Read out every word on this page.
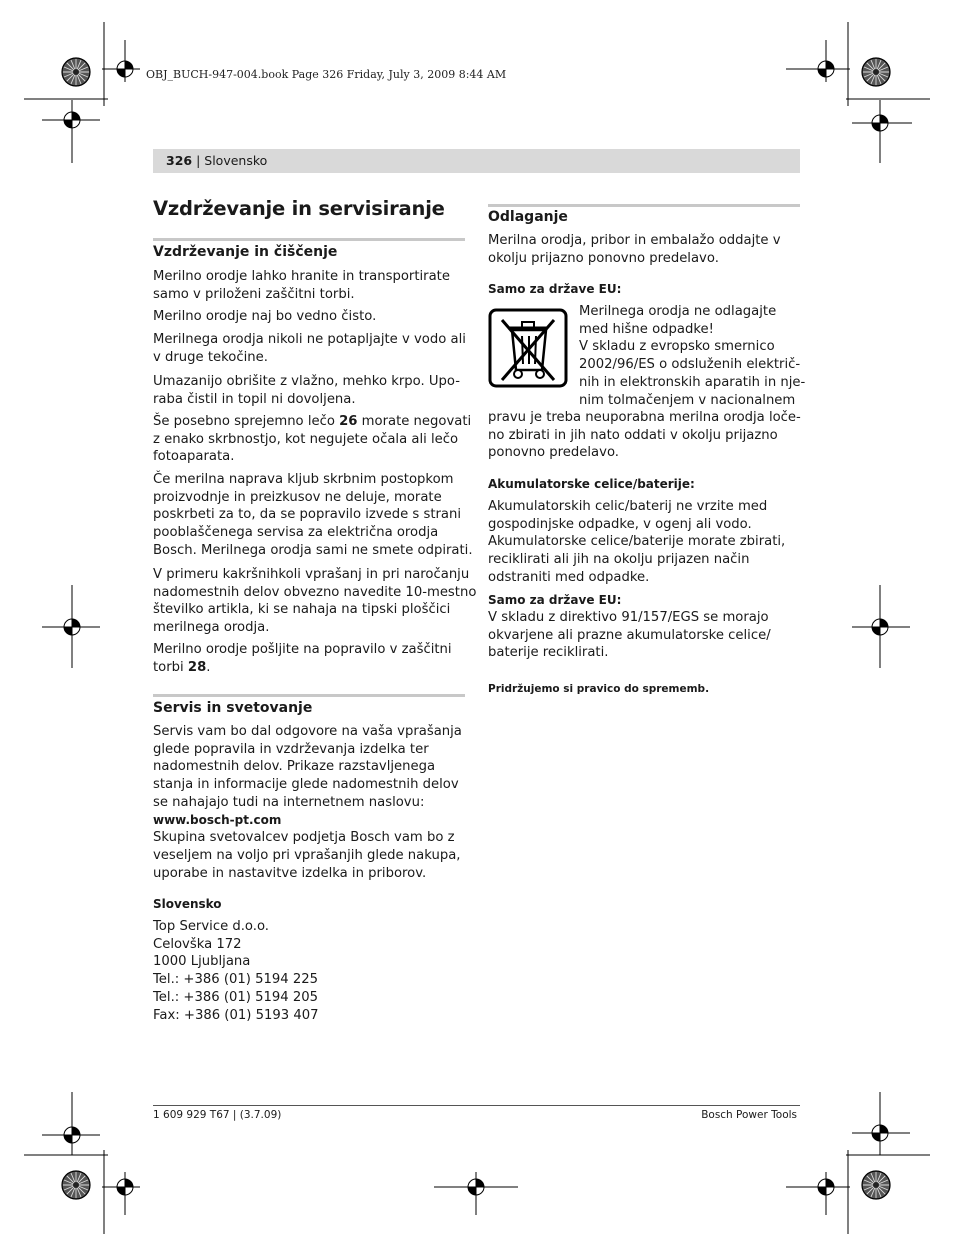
OBJ_BUCH-947-004.book Page 326 Friday, July 3, 2009 8:44 AM
326 | Slovensko
Vzdrževanje in servisiranje
Vzdrževanje in čiščenje
Merilno orodje lahko hranite in transportirate
samo v priloženi zaščitni torbi.
Merilno orodje naj bo vedno čisto.
Merilnega orodja nikoli ne potapljajte v vodo ali
v druge tekočine.
Umazanijo obrišite z vlažno, mehko krpo. Upo-
raba čistil in topil ni dovoljena.
Še posebno sprejemno lečo 26 morate negovati
z enako skrbnostjo, kot negujete očala ali lečo
fotoaparata.
Če merilna naprava kljub skrbnim postopkom
proizvodnje in preizkusov ne deluje, morate
poskrbeti za to, da se popravilo izvede s strani
pooblaščenega servisa za električna orodja
Bosch. Merilnega orodja sami ne smete odpirati.
V primeru kakršnihkoli vprašanj in pri naročanju
nadomestnih delov obvezno navedite 10-mestno
številko artikla, ki se nahaja na tipski ploščici
merilnega orodja.
Merilno orodje pošljite na popravilo v zaščitni
torbi 28.
Servis in svetovanje
Servis vam bo dal odgovore na vaša vprašanja
glede popravila in vzdrževanja izdelka ter
nadomestnih delov. Prikaze razstavljenega
stanja in informacije glede nadomestnih delov
se nahajajo tudi na internetnem naslovu:
www.bosch-pt.com
Skupina svetovalcev podjetja Bosch vam bo z
veseljem na voljo pri vprašanjih glede nakupa,
uporabe in nastavitve izdelka in priborov.
Slovensko
Top Service d.o.o.
Celovška 172
1000 Ljubljana
Tel.: +386 (01) 5194 225
Tel.: +386 (01) 5194 205
Fax: +386 (01) 5193 407
Odlaganje
Merilna orodja, pribor in embalažo oddajte v
okolju prijazno ponovno predelavo.
Samo za države EU:
Merilnega orodja ne odlagajte
med hišne odpadke!
V skladu z evropsko smernico
2002/96/ES o odsluženih električ-
nih in elektronskih aparatih in nje-
nim tolmačenjem v nacionalnem
pravu je treba neuporabna merilna orodja loče-
no zbirati in jih nato oddati v okolju prijazno
ponovno predelavo.
Akumulatorske celice/baterije:
Akumulatorskih celic/baterij ne vrzite med
gospodinjske odpadke, v ogenj ali vodo.
Akumulatorske celice/baterije morate zbirati,
reciklirati ali jih na okolju prijazen način
odstraniti med odpadke.
Samo za države EU:
V skladu z direktivo 91/157/EGS se morajo
okvarjene ali prazne akumulatorske celice/
baterije reciklirati.
Pridržujemo si pravico do sprememb.
1 609 929 T67 | (3.7.09)	Bosch Power Tools
